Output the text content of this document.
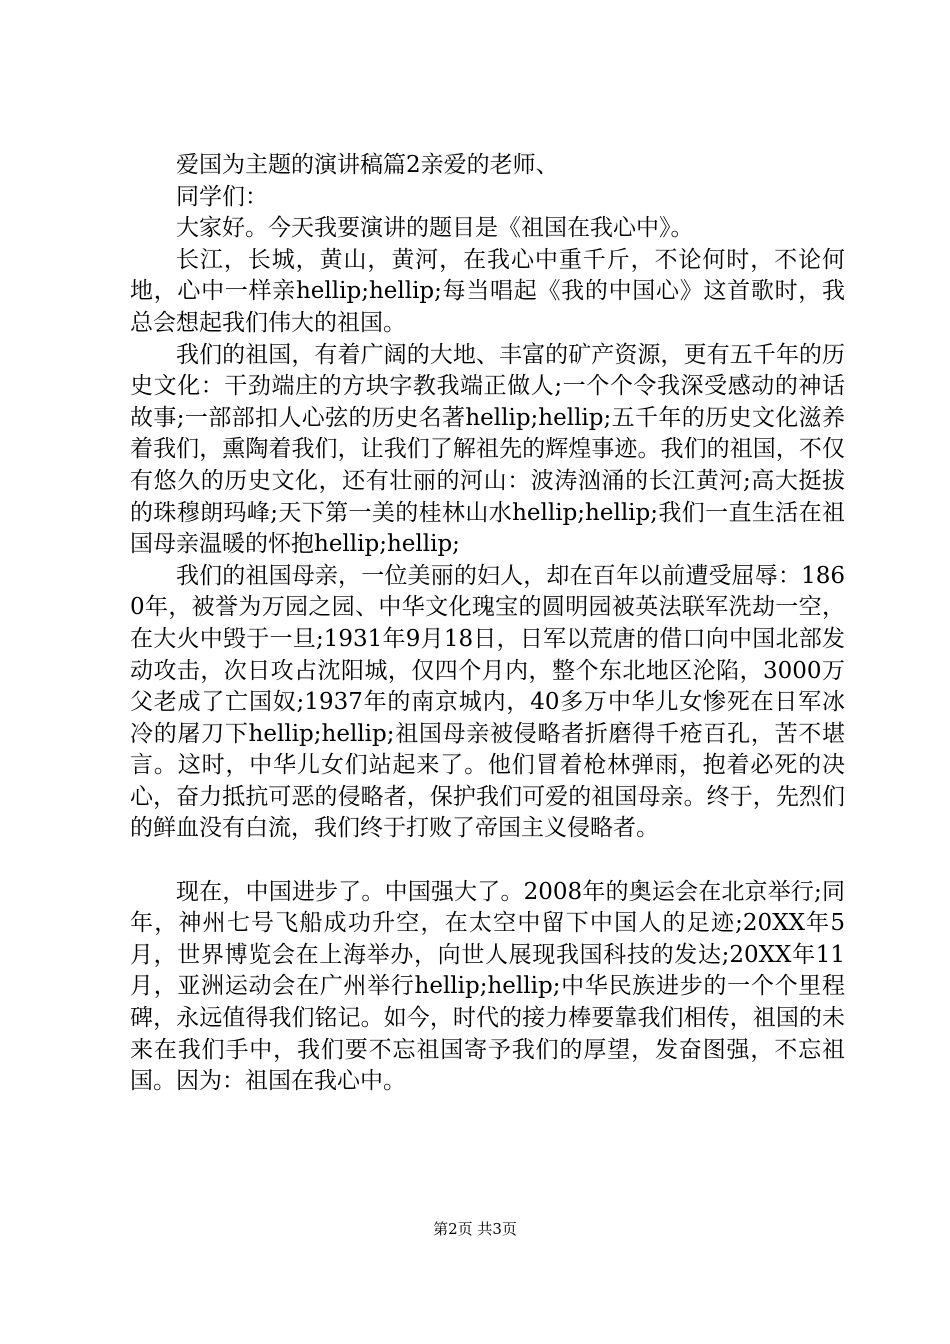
爱国为主题的演讲稿篇2亲爱的老师、

同学们：

大家好。今天我要演讲的题目是《祖国在我心中》。

长江，长城，黄山，黄河，在我心中重千斤，不论何时，不论何地，心中一样亲hellip;hellip;每当唱起《我的中国心》这首歌时，我总会想起我们伟大的祖国。

我们的祖国，有着广阔的大地、丰富的矿产资源，更有五千年的历史文化：干劲端庄的方块字教我端正做人;一个个令我深受感动的神话故事;一部部扣人心弦的历史名著hellip;hellip;五千年的历史文化滋养着我们，熏陶着我们，让我们了解祖先的辉煌事迹。我们的祖国，不仅有悠久的历史文化，还有壮丽的河山：波涛汹涌的长江黄河;高大挺拔的珠穆朗玛峰;天下第一美的桂林山水hellip;hellip;我们一直生活在祖国母亲温暖的怀抱hellip;hellip;

我们的祖国母亲，一位美丽的妇人，却在百年以前遭受屈辱：1860年，被誉为万园之园、中华文化瑰宝的圆明园被英法联军洗劫一空，在大火中毁于一旦;1931年9月18日，日军以荒唐的借口向中国北部发动攻击，次日攻占沈阳城，仅四个月内，整个东北地区沦陷，3000万父老成了亡国奴;1937年的南京城内，40多万中华儿女惨死在日军冰冷的屠刀下hellip;hellip;祖国母亲被侵略者折磨得千疮百孔，苦不堪言。这时，中华儿女们站起来了。他们冒着枪林弹雨，抱着必死的决心，奋力抵抗可恶的侵略者，保护我们可爱的祖国母亲。终于，先烈们的鲜血没有白流，我们终于打败了帝国主义侵略者。

现在，中国进步了。中国强大了。2008年的奥运会在北京举行;同年，神州七号飞船成功升空，在太空中留下中国人的足迹;20XX年5月，世界博览会在上海举办，向世人展现我国科技的发达;20XX年11月，亚洲运动会在广州举行hellip;hellip;中华民族进步的一个个里程碑，永远值得我们铭记。如今，时代的接力棒要靠我们相传，祖国的未来在我们手中，我们要不忘祖国寄予我们的厚望，发奋图强，不忘祖国。因为：祖国在我心中。

第2页 共3页
